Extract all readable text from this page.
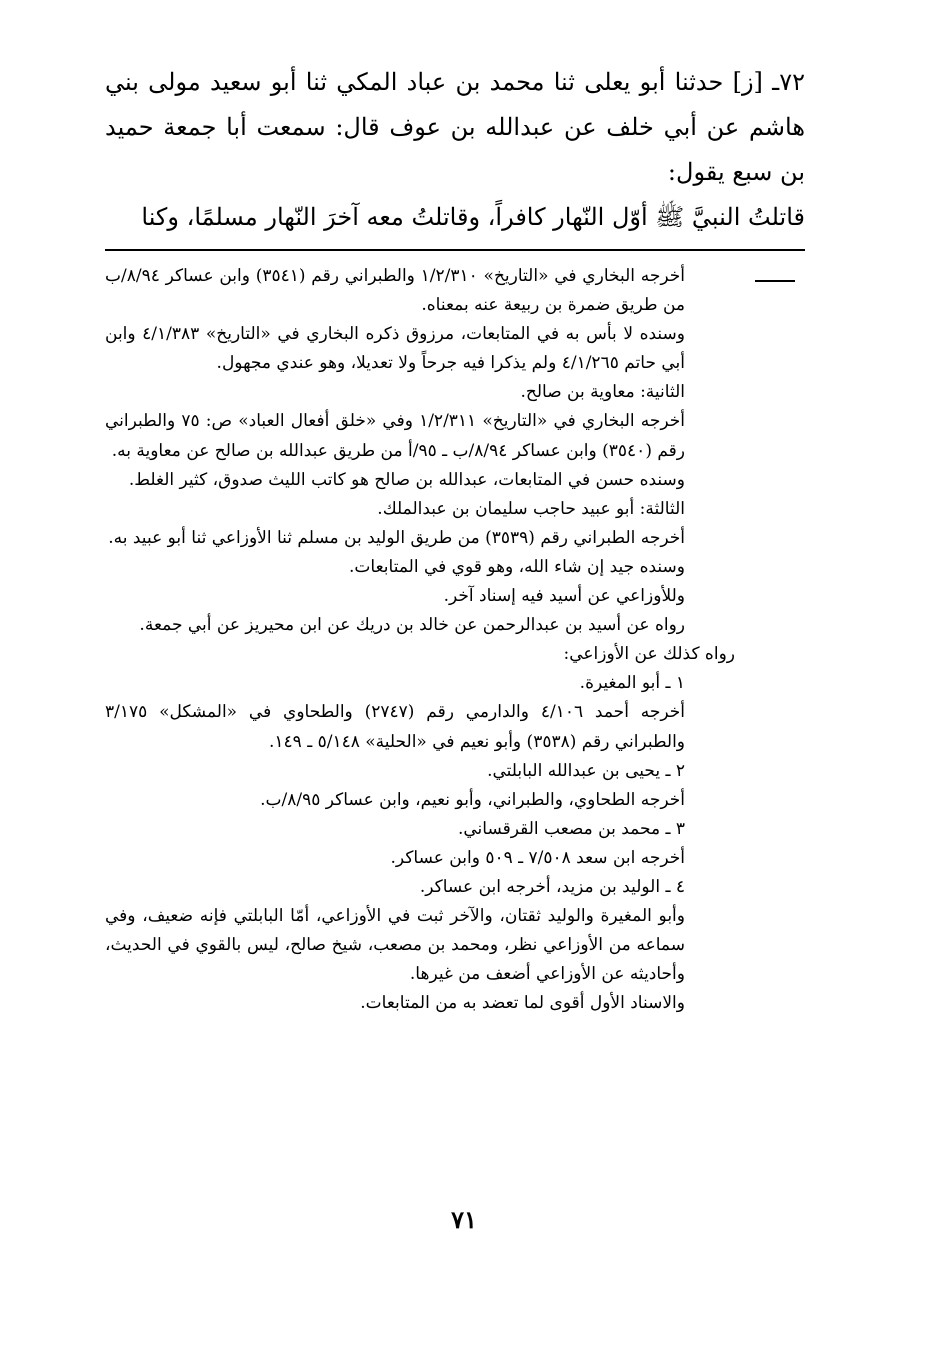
٧٢ـ [ز] حدثنا أبو يعلى ثنا محمد بن عباد المكي ثنا أبو سعيد مولى بني هاشم عن أبي خلف عن عبدالله بن عوف قال: سمعت أبا جمعة حميد بن سبع يقول:

قاتلتُ النبيَّ ﷺ أوّل النّهار كافراً، وقاتلتُ معه آخرَ النّهار مسلمًا، وكنا

أخرجه البخاري في «التاريخ» ١/٢/٣١٠ والطبراني رقم (٣٥٤١) وابن عساكر ٨/٩٤/ب من طريق ضمرة بن ربيعة عنه بمعناه.

وسنده لا بأس به في المتابعات، مرزوق ذكره البخاري في «التاريخ» ٤/١/٣٨٣ وابن أبي حاتم ٤/١/٢٦٥ ولم يذكرا فيه جرحاً ولا تعديلا، وهو عندي مجهول.

الثانية: معاوية بن صالح.

أخرجه البخاري في «التاريخ» ١/٢/٣١١ وفي «خلق أفعال العباد» ص: ٧٥ والطبراني رقم (٣٥٤٠) وابن عساكر ٨/٩٤/ب ـ ٩٥/أ من طريق عبدالله بن صالح عن معاوية به.

وسنده حسن في المتابعات، عبدالله بن صالح هو كاتب الليث صدوق، كثير الغلط.

الثالثة: أبو عبيد حاجب سليمان بن عبدالملك.

أخرجه الطبراني رقم (٣٥٣٩) من طريق الوليد بن مسلم ثنا الأوزاعي ثنا أبو عبيد به.

وسنده جيد إن شاء الله، وهو قوي في المتابعات.

وللأوزاعي عن أسيد فيه إسناد آخر.

رواه عن أسيد بن عبدالرحمن عن خالد بن دريك عن ابن محيريز عن أبي جمعة.

رواه كذلك عن الأوزاعي:

١ ـ أبو المغيرة.

أخرجه أحمد ٤/١٠٦ والدارمي رقم (٢٧٤٧) والطحاوي في «المشكل» ٣/١٧٥ والطبراني رقم (٣٥٣٨) وأبو نعيم في «الحلية» ٥/١٤٨ ـ ١٤٩.

٢ ـ يحيى بن عبدالله البابلتي.

أخرجه الطحاوي، والطبراني، وأبو نعيم، وابن عساكر ٨/٩٥/ب.

٣ ـ محمد بن مصعب القرقساني.

أخرجه ابن سعد ٧/٥٠٨ ـ ٥٠٩ وابن عساكر.

٤ ـ الوليد بن مزيد، أخرجه ابن عساكر.

وأبو المغيرة والوليد ثقتان، والآخر ثبت في الأوزاعي، أمّا البابلتي فإنه ضعيف، وفي سماعه من الأوزاعي نظر، ومحمد بن مصعب، شيخ صالح، ليس بالقوي في الحديث، وأحاديثه عن الأوزاعي أضعف من غيرها.

والاسناد الأول أقوى لما تعضد به من المتابعات.

٧١
